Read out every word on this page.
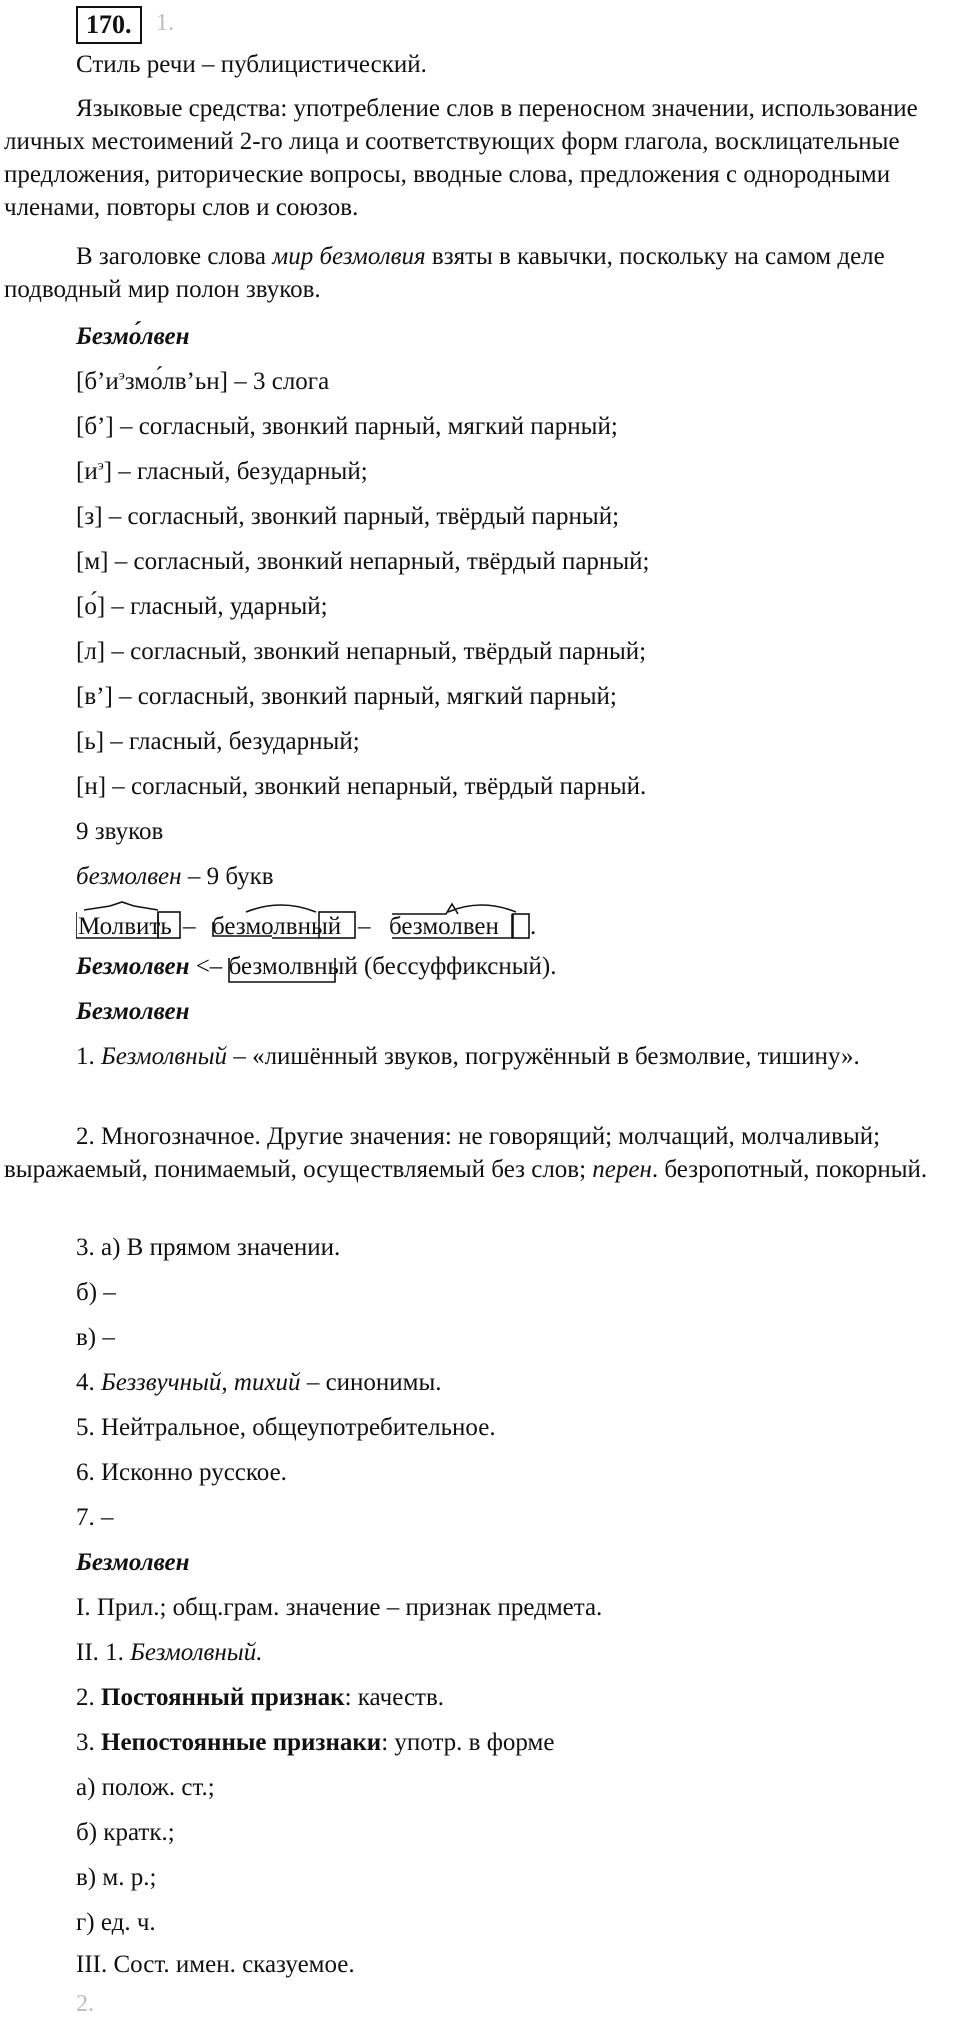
170.	1.
Стиль речи – публицистический.
Языковые средства: употребление слов в переносном значении, использование личных местоимений 2-го лица и соответствующих форм глагола, восклицательные предложения, риторические вопросы, вводные слова, предложения с однородными членами, повторы слов и союзов.
В заголовке слова мир безмолвия взяты в кавычки, поскольку на самом деле подводный мир полон звуков.
Безмо́лвен
$[б’и^эзмо́лв’ьн] - 3$ слога
[б’] – согласный, звонкий парный, мягкий парный;
$[и^э]$ – гласный, безударный;
[з] – согласный, звонкий парный, твёрдый парный;
[м] – согласный, звонкий непарный, твёрдый парный;
[о́] – гласный, ударный;
[л] – согласный, звонкий непарный, твёрдый парный;
[в’] – согласный, звонкий парный, мягкий парный;
[ь] – гласный, безударный;
[н] – согласный, звонкий непарный, твёрдый парный.
9 звуков
безмолвен – 9 букв
Молвить – безмолвный – безмолвен .
Безмолвен <– безмолвный
(бессуффиксный).
Безмолвен
1. Безмолвный – «лишённый звуков, погружённый в безмолвие, тишину».
2. Многозначное. Другие значения: не говорящий; молчащий, молчаливый; выражаемый, понимаемый, осуществляемый без слов; перен. безропотный, покорный.
3. а) В прямом значении.
б) –
в) –
4. Беззвучный, тихий – синонимы.
5. Нейтральное, общеупотребительное.
6. Исконно русское.
7. –
Безмолвен
I. Прил.; общ.грам. значение – признак предмета.
II. 1. Безмолвный.
2. Постоянный признак: качеств.
3. Непостоянные признаки: употр. в форме
а) полож. ст.;
б) кратк.;
в) м. р.;
г) ед. ч.
III. Сост. имен. сказуемое.
2.
